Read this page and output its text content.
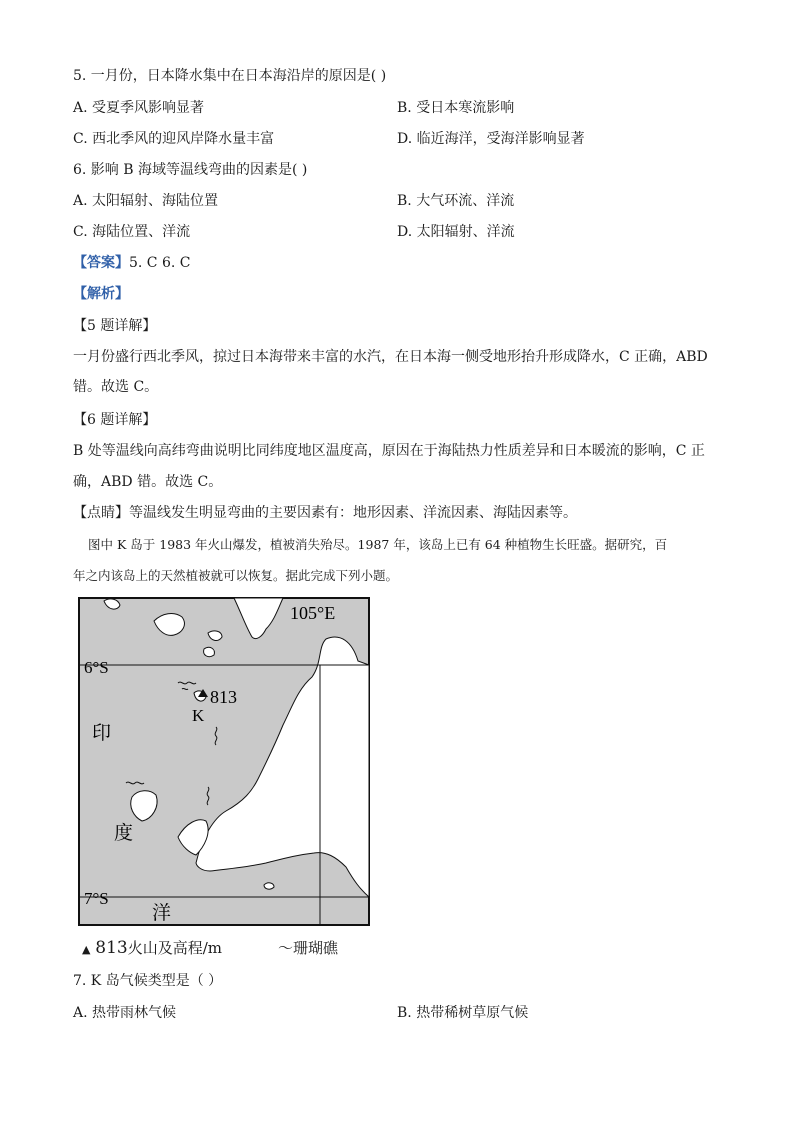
5. 一月份，日本降水集中在日本海沿岸的原因是( )
A. 受夏季风影响显著	B. 受日本寒流影响
C. 西北季风的迎风岸降水量丰富	D. 临近海洋，受海洋影响显著
6. 影响 B 海域等温线弯曲的因素是( )
A. 太阳辐射、海陆位置	B. 大气环流、洋流
C. 海陆位置、洋流	D. 太阳辐射、洋流
【答案】5. C 6. C
【解析】
【5 题详解】
一月份盛行西北季风，掠过日本海带来丰富的水汽，在日本海一侧受地形抬升形成降水，C 正确，ABD
错。故选 C。
【6 题详解】
B 处等温线向高纬弯曲说明比同纬度地区温度高，原因在于海陆热力性质差异和日本暖流的影响，C 正
确，ABD 错。故选 C。
【点睛】等温线发生明显弯曲的主要因素有：地形因素、洋流因素、海陆因素等。
图中 K 岛于 1983 年火山爆发，植被消失殆尽。1987 年，该岛上已有 64 种植物生长旺盛。据研究，百
年之内该岛上的天然植被就可以恢复。据此完成下列小题。
105°E
6°S
7°S
813
K
印
度
洋
▲ 813火山及高程/m	〜珊瑚礁
7. K 岛气候类型是（ ）
A. 热带雨林气候	B. 热带稀树草原气候
